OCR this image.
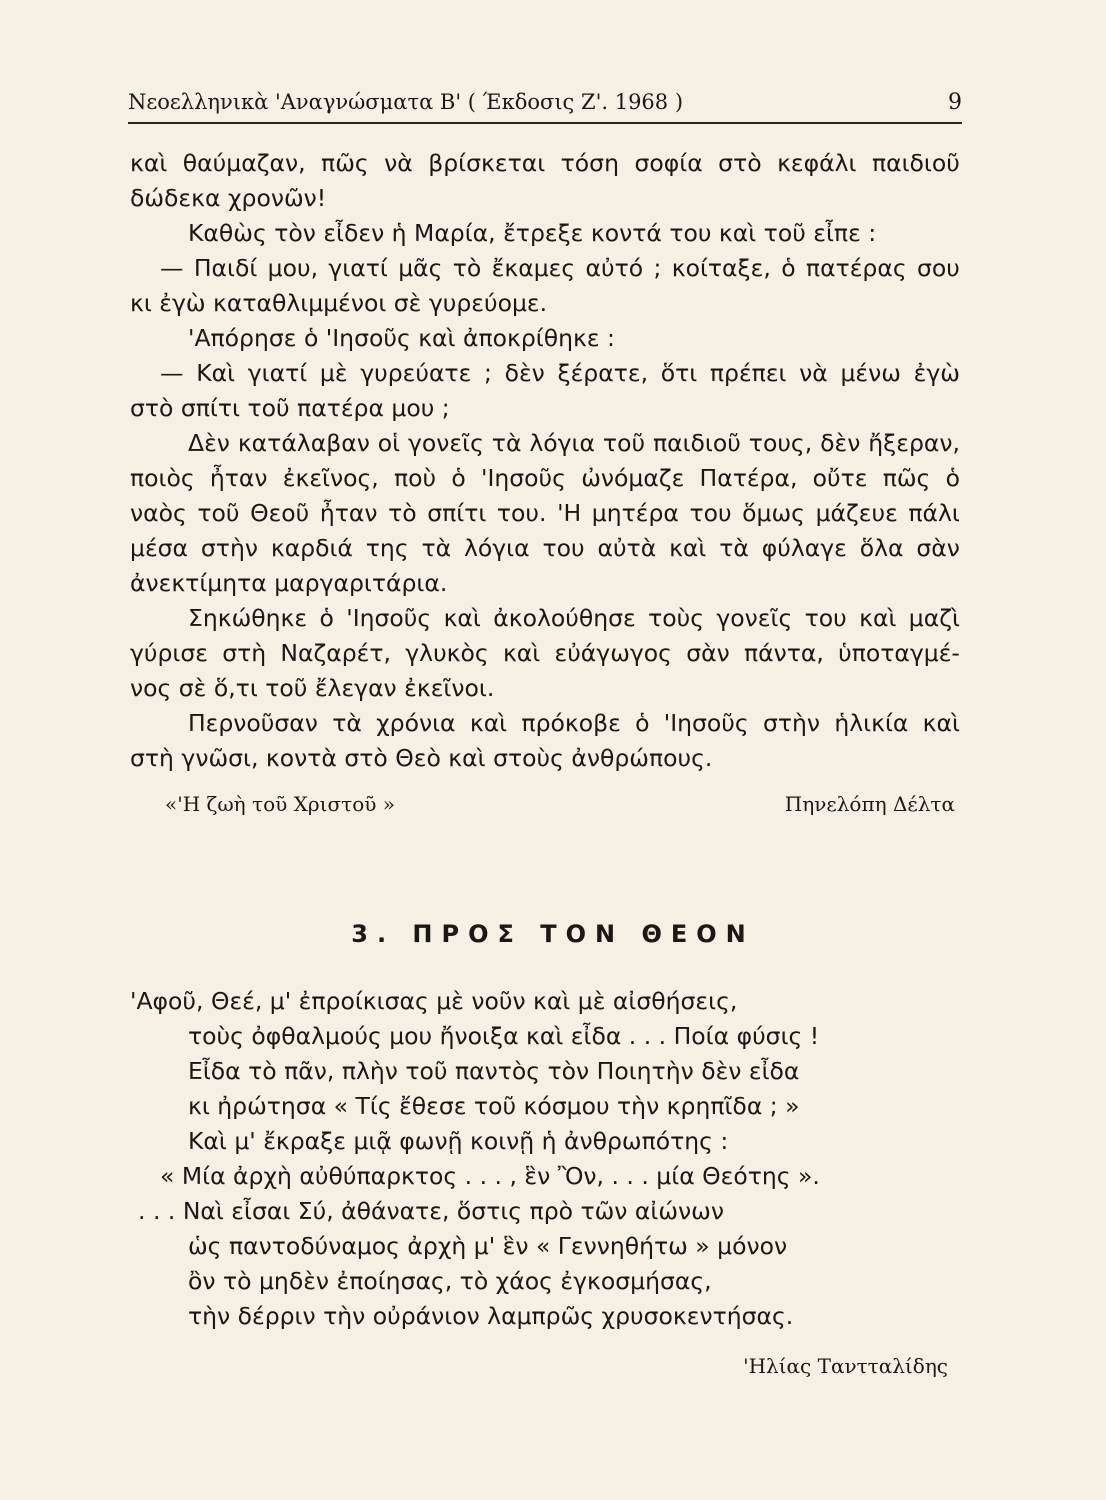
Νεοελληνικὰ 'Αναγνώσματα Β' ( Έκδοσις Ζ'. 1968 )	9
καὶ θαύμαζαν, πῶς νὰ βρίσκεται τόση σοφία στὸ κεφάλι παιδιοῦ
δώδεκα χρονῶν!
Καθὼς τὸν εἶδεν ἡ Μαρία, ἔτρεξε κοντά του καὶ τοῦ εἶπε :
— Παιδί μου, γιατί μᾶς τὸ ἔκαμες αὐτό ; κοίταξε, ὁ πατέρας σου
κι ἐγὼ καταθλιμμένοι σὲ γυρεύομε.
'Απόρησε ὁ 'Ιησοῦς καὶ ἀποκρίθηκε :
— Καὶ γιατί μὲ γυρεύατε ; δὲν ξέρατε, ὅτι πρέπει νὰ μένω ἐγὼ
στὸ σπίτι τοῦ πατέρα μου ;
Δὲν κατάλαβαν οἱ γονεῖς τὰ λόγια τοῦ παιδιοῦ τους, δὲν ἤξεραν,
ποιὸς ἦταν ἐκεῖνος, ποὺ ὁ 'Ιησοῦς ὠνόμαζε Πατέρα, οὔτε πῶς ὁ
ναὸς τοῦ Θεοῦ ἦταν τὸ σπίτι του. 'Η μητέρα του ὅμως μάζευε πάλι
μέσα στὴν καρδιά της τὰ λόγια του αὐτὰ καὶ τὰ φύλαγε ὅλα σὰν
ἀνεκτίμητα μαργαριτάρια.
Σηκώθηκε ὁ 'Ιησοῦς καὶ ἀκολούθησε τοὺς γονεῖς του καὶ μαζὶ
γύρισε στὴ Ναζαρέτ, γλυκὸς καὶ εὐάγωγος σὰν πάντα, ὑποταγμέ-
νος σὲ ὅ,τι τοῦ ἔλεγαν ἐκεῖνοι.
Περνοῦσαν τὰ χρόνια καὶ πρόκοβε ὁ 'Ιησοῦς στὴν ἡλικία καὶ
στὴ γνῶσι, κοντὰ στὸ Θεὸ καὶ στοὺς ἀνθρώπους.
«'Η ζωὴ τοῦ Χριστοῦ »	Πηνελόπη Δέλτα
3. ΠΡΟΣ ΤΟΝ ΘΕΟΝ
'Αφοῦ, Θεέ, μ' ἐπροίκισας μὲ νοῦν καὶ μὲ αἰσθήσεις,
τοὺς ὀφθαλμούς μου ἤνοιξα καὶ εἶδα . . . Ποία φύσις !
Εἶδα τὸ πᾶν, πλὴν τοῦ παντὸς τὸν Ποιητὴν δὲν εἶδα
κι ἠρώτησα « Τίς ἔθεσε τοῦ κόσμου τὴν κρηπῖδα ; »
Καὶ μ' ἔκραξε μιᾷ φωνῇ κοινῇ ἡ ἀνθρωπότης :
« Μία ἀρχὴ αὐθύπαρκτος . . . , ἓν Ὂν, . . . μία Θεότης ».
. . . Ναὶ εἶσαι Σύ, ἀθάνατε, ὅστις πρὸ τῶν αἰώνων
ὡς παντοδύναμος ἀρχὴ μ' ἓν « Γεννηθήτω » μόνον
ὂν τὸ μηδὲν ἐποίησας, τὸ χάος ἐγκοσμήσας,
τὴν δέρριν τὴν οὐράνιον λαμπρῶς χρυσοκεντήσας.
'Ηλίας Ταντταλίδης
